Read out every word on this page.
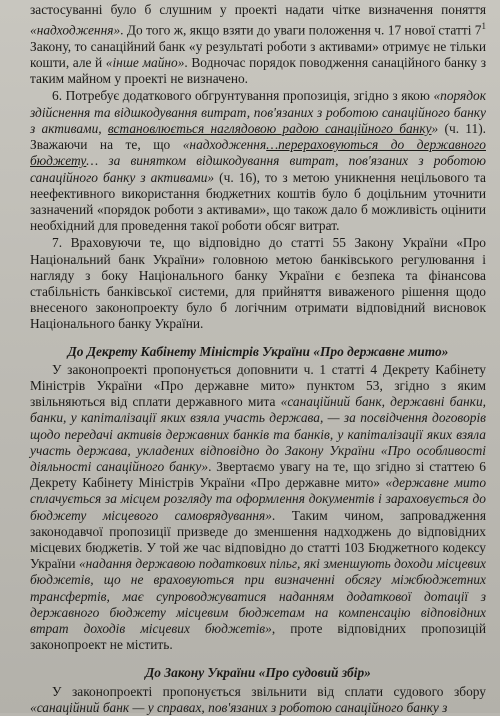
застосуванні було б слушним у проекті надати чітке визначення поняття «надходження». До того ж, якщо взяти до уваги положення ч. 17 нової статті $7^1$ Закону, то санаційний банк «у результаті роботи з активами» отримує не тільки кошти, але й «інше майно». Водночас порядок поводження санаційного банку з таким майном у проекті не визначено.

6. Потребує додаткового обгрунтування пропозиція, згідно з якою «порядок здійснення та відшкодування витрат, пов'язаних з роботою санаційного банку з активами, встановлюється наглядовою радою санаційного банку» (ч. 11). Зважаючи на те, що «надходження…перераховуються до державного бюджету… за винятком відшкодування витрат, пов'язаних з роботою санаційного банку з активами» (ч. 16), то з метою уникнення нецільового та неефективного використання бюджетних коштів було б доцільним уточнити зазначений «порядок роботи з активами», що також дало б можливість оцінити необхідний для проведення такої роботи обсяг витрат.

7. Враховуючи те, що відповідно до статті 55 Закону України «Про Національний банк України» головною метою банківського регулювання і нагляду з боку Національного банку України є безпека та фінансова стабільність банківської системи, для прийняття виваженого рішення щодо внесеного законопроекту було б логічним отримати відповідний висновок Національного банку України.

До Декрету Кабінету Міністрів України «Про державне мито»

У законопроекті пропонується доповнити ч. 1 статті 4 Декрету Кабінету Міністрів України «Про державне мито» пунктом 53, згідно з яким звільняються від сплати державного мита «санаційний банк, державні банки, банки, у капіталізації яких взяла участь держава, — за посвідчення договорів щодо передачі активів державних банків та банків, у капіталізації яких взяла участь держава, укладених відповідно до Закону України «Про особливості діяльності санаційного банку». Звертаємо увагу на те, що згідно зі статтею 6 Декрету Кабінету Міністрів України «Про державне мито» «державне мито сплачується за місцем розгляду та оформлення документів і зараховується до бюджету місцевого самоврядування». Таким чином, запровадження законодавчої пропозиції призведе до зменшення надходжень до відповідних місцевих бюджетів. У той же час відповідно до статті 103 Бюджетного кодексу України «надання державою податкових пільг, які зменшують доходи місцевих бюджетів, що не враховуються при визначенні обсягу міжбюджетних трансфертів, має супроводжуватися наданням додаткової дотації з державного бюджету місцевим бюджетам на компенсацію відповідних втрат доходів місцевих бюджетів», проте відповідних пропозицій законопроект не містить.

До Закону України «Про судовий збір»

У законопроекті пропонується звільнити від сплати судового збору «санаційний банк — у справах, пов'язаних з роботою санаційного банку з
